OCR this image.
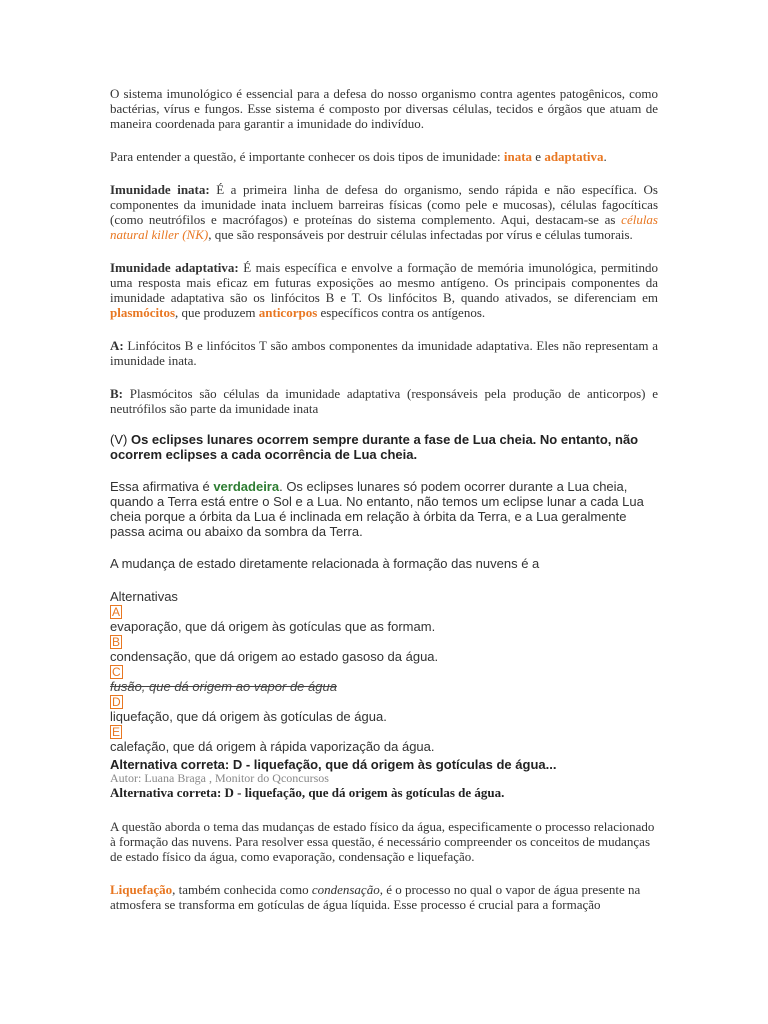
O sistema imunológico é essencial para a defesa do nosso organismo contra agentes patogênicos, como bactérias, vírus e fungos. Esse sistema é composto por diversas células, tecidos e órgãos que atuam de maneira coordenada para garantir a imunidade do indivíduo.

Para entender a questão, é importante conhecer os dois tipos de imunidade: inata e adaptativa.

Imunidade inata: É a primeira linha de defesa do organismo, sendo rápida e não específica. Os componentes da imunidade inata incluem barreiras físicas (como pele e mucosas), células fagocíticas (como neutrófilos e macrófagos) e proteínas do sistema complemento. Aqui, destacam-se as células natural killer (NK), que são responsáveis por destruir células infectadas por vírus e células tumorais.

Imunidade adaptativa: É mais específica e envolve a formação de memória imunológica, permitindo uma resposta mais eficaz em futuras exposições ao mesmo antígeno. Os principais componentes da imunidade adaptativa são os linfócitos B e T. Os linfócitos B, quando ativados, se diferenciam em plasmócitos, que produzem anticorpos específicos contra os antígenos.

A: Linfócitos B e linfócitos T são ambos componentes da imunidade adaptativa. Eles não representam a imunidade inata.

B: Plasmócitos são células da imunidade adaptativa (responsáveis pela produção de anticorpos) e neutrófilos são parte da imunidade inata

(V) Os eclipses lunares ocorrem sempre durante a fase de Lua cheia. No entanto, não ocorrem eclipses a cada ocorrência de Lua cheia.

Essa afirmativa é verdadeira. Os eclipses lunares só podem ocorrer durante a Lua cheia, quando a Terra está entre o Sol e a Lua. No entanto, não temos um eclipse lunar a cada Lua cheia porque a órbita da Lua é inclinada em relação à órbita da Terra, e a Lua geralmente passa acima ou abaixo da sombra da Terra.

A mudança de estado diretamente relacionada à formação das nuvens é a

Alternativas
A
evaporação, que dá origem às gotículas que as formam.
B
condensação, que dá origem ao estado gasoso da água.
C
fusão, que dá origem ao vapor de água
D
liquefação, que dá origem às gotículas de água.
E
calefação, que dá origem à rápida vaporização da água.
Alternativa correta: D - liquefação, que dá origem às gotículas de água...
Autor: Luana Braga , Monitor do Qconcursos
Alternativa correta: D - liquefação, que dá origem às gotículas de água.

A questão aborda o tema das mudanças de estado físico da água, especificamente o processo relacionado à formação das nuvens. Para resolver essa questão, é necessário compreender os conceitos de mudanças de estado físico da água, como evaporação, condensação e liquefação.

Liquefação, também conhecida como condensação, é o processo no qual o vapor de água presente na atmosfera se transforma em gotículas de água líquida. Esse processo é crucial para a formação
